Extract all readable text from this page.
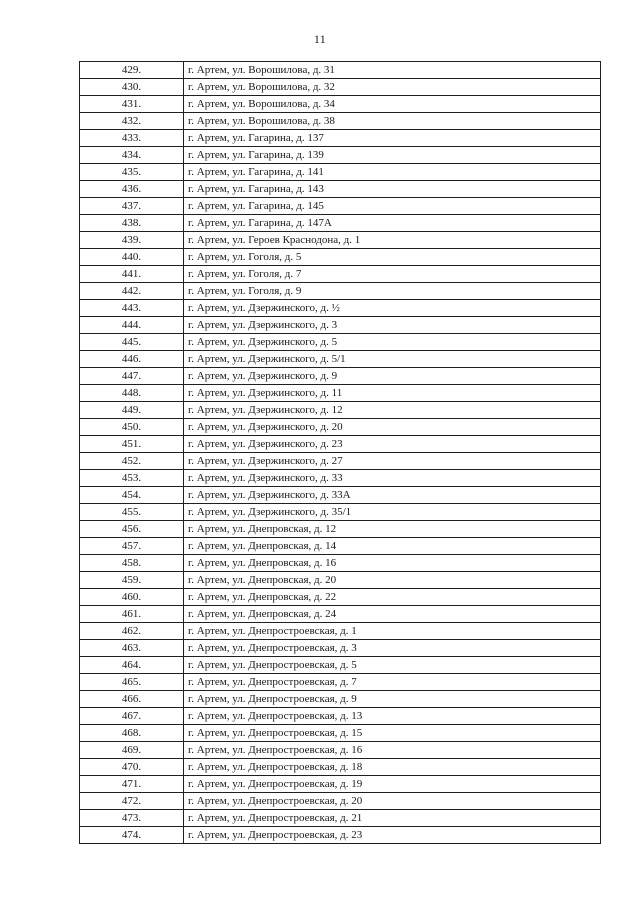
11
429.	г. Артем, ул. Ворошилова, д. 31
430.	г. Артем, ул. Ворошилова, д. 32
431.	г. Артем, ул. Ворошилова, д. 34
432.	г. Артем, ул. Ворошилова, д. 38
433.	г. Артем, ул. Гагарина, д. 137
434.	г. Артем, ул. Гагарина, д. 139
435.	г. Артем, ул. Гагарина, д. 141
436.	г. Артем, ул. Гагарина, д. 143
437.	г. Артем, ул. Гагарина, д. 145
438.	г. Артем, ул. Гагарина, д. 147А
439.	г. Артем, ул. Героев Краснодона, д. 1
440.	г. Артем, ул. Гоголя, д. 5
441.	г. Артем, ул. Гоголя, д. 7
442.	г. Артем, ул. Гоголя, д. 9
443.	г. Артем, ул. Дзержинского, д. ½
444.	г. Артем, ул. Дзержинского, д. 3
445.	г. Артем, ул. Дзержинского, д. 5
446.	г. Артем, ул. Дзержинского, д. 5/1
447.	г. Артем, ул. Дзержинского, д. 9
448.	г. Артем, ул. Дзержинского, д. 11
449.	г. Артем, ул. Дзержинского, д. 12
450.	г. Артем, ул. Дзержинского, д. 20
451.	г. Артем, ул. Дзержинского, д. 23
452.	г. Артем, ул. Дзержинского, д. 27
453.	г. Артем, ул. Дзержинского, д. 33
454.	г. Артем, ул. Дзержинского, д. 33А
455.	г. Артем, ул. Дзержинского, д. 35/1
456.	г. Артем, ул. Днепровская, д. 12
457.	г. Артем, ул. Днепровская, д. 14
458.	г. Артем, ул. Днепровская, д. 16
459.	г. Артем, ул. Днепровская, д. 20
460.	г. Артем, ул. Днепровская, д. 22
461.	г. Артем, ул. Днепровская, д. 24
462.	г. Артем, ул. Днепростроевская, д. 1
463.	г. Артем, ул. Днепростроевская, д. 3
464.	г. Артем, ул. Днепростроевская, д. 5
465.	г. Артем, ул. Днепростроевская, д. 7
466.	г. Артем, ул. Днепростроевская, д. 9
467.	г. Артем, ул. Днепростроевская, д. 13
468.	г. Артем, ул. Днепростроевская, д. 15
469.	г. Артем, ул. Днепростроевская, д. 16
470.	г. Артем, ул. Днепростроевская, д. 18
471.	г. Артем, ул. Днепростроевская, д. 19
472.	г. Артем, ул. Днепростроевская, д. 20
473.	г. Артем, ул. Днепростроевская, д. 21
474.	г. Артем, ул. Днепростроевская, д. 23
